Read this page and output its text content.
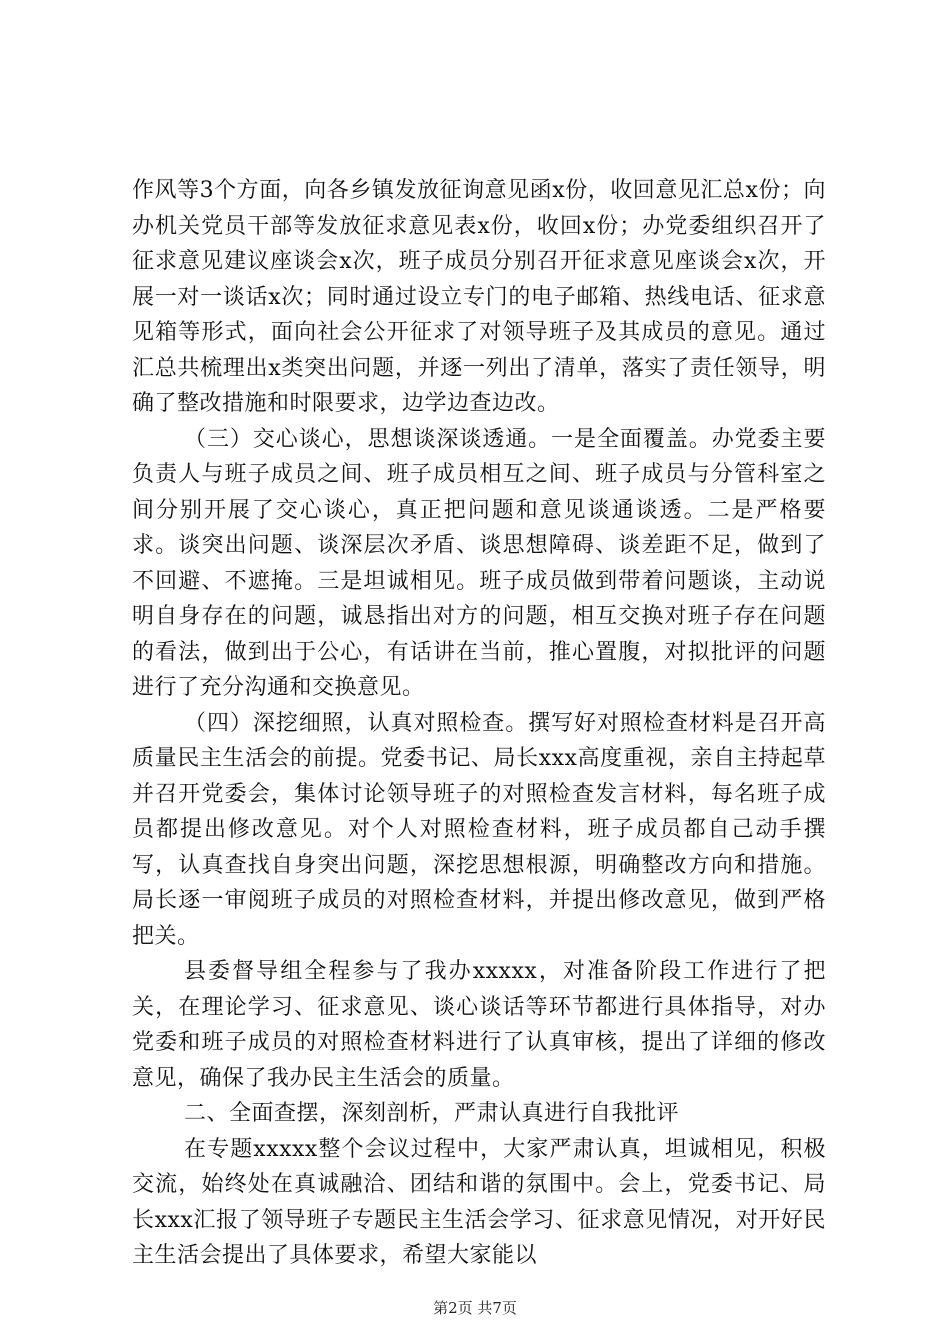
作风等3个方面，向各乡镇发放征询意见函x份，收回意见汇总x份；向办机关党员干部等发放征求意见表x份，收回x份；办党委组织召开了征求意见建议座谈会x次，班子成员分别召开征求意见座谈会x次，开展一对一谈话x次；同时通过设立专门的电子邮箱、热线电话、征求意见箱等形式，面向社会公开征求了对领导班子及其成员的意见。通过汇总共梳理出x类突出问题，并逐一列出了清单，落实了责任领导，明确了整改措施和时限要求，边学边查边改。

（三）交心谈心，思想谈深谈透通。一是全面覆盖。办党委主要负责人与班子成员之间、班子成员相互之间、班子成员与分管科室之间分别开展了交心谈心，真正把问题和意见谈通谈透。二是严格要求。谈突出问题、谈深层次矛盾、谈思想障碍、谈差距不足，做到了不回避、不遮掩。三是坦诚相见。班子成员做到带着问题谈，主动说明自身存在的问题，诚恳指出对方的问题，相互交换对班子存在问题的看法，做到出于公心，有话讲在当前，推心置腹，对拟批评的问题进行了充分沟通和交换意见。

（四）深挖细照，认真对照检查。撰写好对照检查材料是召开高质量民主生活会的前提。党委书记、局长xxx高度重视，亲自主持起草并召开党委会，集体讨论领导班子的对照检查发言材料，每名班子成员都提出修改意见。对个人对照检查材料，班子成员都自己动手撰写，认真查找自身突出问题，深挖思想根源，明确整改方向和措施。局长逐一审阅班子成员的对照检查材料，并提出修改意见，做到严格把关。

县委督导组全程参与了我办xxxxx，对准备阶段工作进行了把关，在理论学习、征求意见、谈心谈话等环节都进行具体指导，对办党委和班子成员的对照检查材料进行了认真审核，提出了详细的修改意见，确保了我办民主生活会的质量。

二、全面查摆，深刻剖析，严肃认真进行自我批评

在专题xxxxx整个会议过程中，大家严肃认真，坦诚相见，积极交流，始终处在真诚融洽、团结和谐的氛围中。会上，党委书记、局长xxx汇报了领导班子专题民主生活会学习、征求意见情况，对开好民主生活会提出了具体要求，希望大家能以

第2页 共7页
